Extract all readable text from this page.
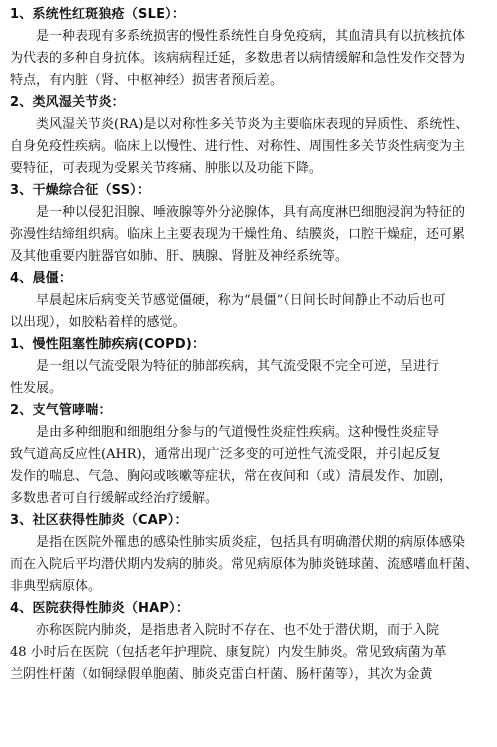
1、系统性红斑狼疮（SLE）：
是一种表现有多系统损害的慢性系统性自身免疫病，其血清具有以抗核抗体
为代表的多种自身抗体。该病病程迁延，多数患者以病情缓解和急性发作交替为
特点，有内脏（肾、中枢神经）损害者预后差。
2、类风湿关节炎：
类风湿关节炎(RA)是以对称性多关节炎为主要临床表现的异质性、系统性、
自身免疫性疾病。临床上以慢性、进行性、对称性、周围性多关节炎性病变为主
要特征，可表现为受累关节疼痛、肿胀以及功能下降。
3、干燥综合征（SS）：
是一种以侵犯泪腺、唾液腺等外分泌腺体，具有高度淋巴细胞浸润为特征的
弥漫性结缔组织病。临床上主要表现为干燥性角、结膜炎，口腔干燥症，还可累
及其他重要内脏器官如肺、肝、胰腺、肾脏及神经系统等。
4、晨僵：
早晨起床后病变关节感觉僵硬，称为“晨僵”（日间长时间静止不动后也可
以出现），如胶粘着样的感觉。
1、慢性阻塞性肺疾病(COPD)：
是一组以气流受限为特征的肺部疾病，其气流受限不完全可逆，呈进行
性发展。
2、支气管哮喘：
是由多种细胞和细胞组分参与的气道慢性炎症性疾病。这种慢性炎症导
致气道高反应性(AHR)，通常出现广泛多变的可逆性气流受限，并引起反复
发作的喘息、气急、胸闷或咳嗽等症状，常在夜间和（或）清晨发作、加剧，
多数患者可自行缓解或经治疗缓解。
3、社区获得性肺炎（CAP）：
是指在医院外罹患的感染性肺实质炎症，包括具有明确潜伏期的病原体感染
而在入院后平均潜伏期内发病的肺炎。常见病原体为肺炎链球菌、流感嗜血杆菌、
非典型病原体。
4、医院获得性肺炎（HAP）：
亦称医院内肺炎，是指患者入院时不存在、也不处于潜伏期，而于入院
48 小时后在医院（包括老年护理院、康复院）内发生肺炎。常见致病菌为革
兰阴性杆菌（如铜绿假单胞菌、肺炎克雷白杆菌、肠杆菌等），其次为金黄
